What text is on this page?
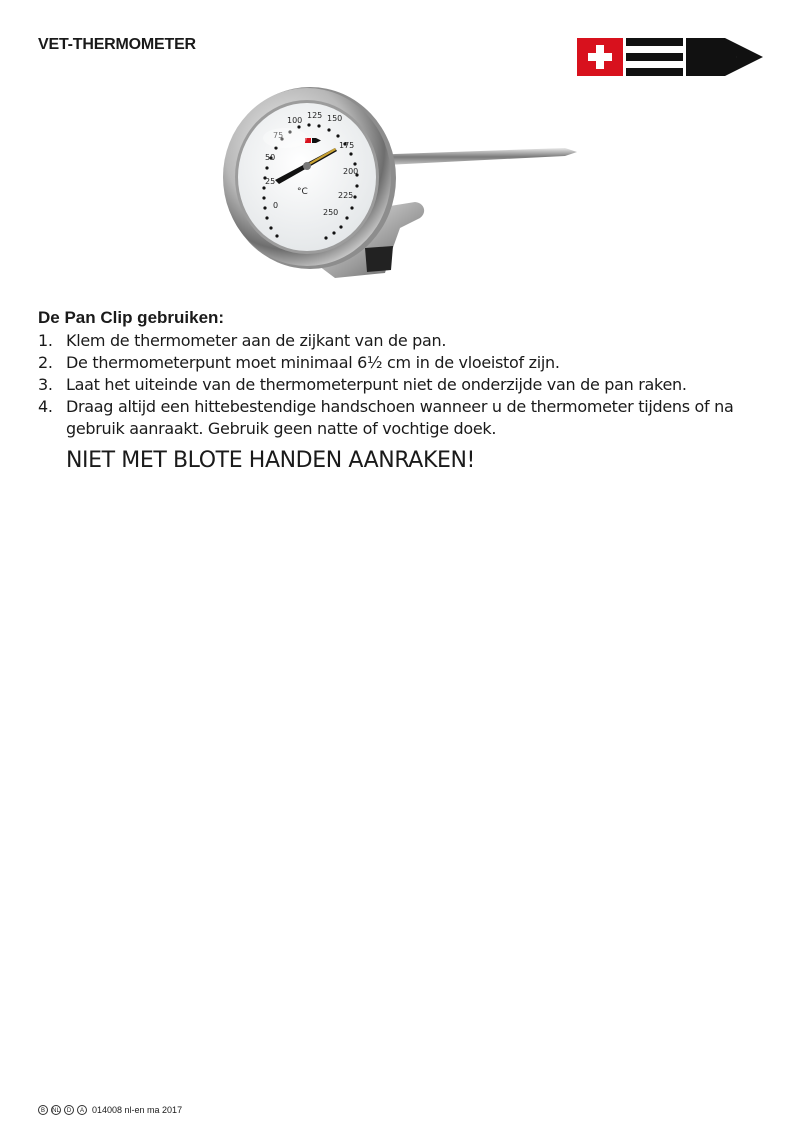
VET-THERMOMETER
0
25
50
75
100
125 150
175
200
225
250
°C
De Pan Clip gebruiken:
1. Klem de thermometer aan de zijkant van de pan.
2. De thermometerpunt moet minimaal 6½ cm in de vloeistof zijn.
3. Laat het uiteinde van de thermometerpunt niet de onderzijde van de pan raken.
4. Draag altijd een hittebestendige handschoen wanneer u de thermometer tijdens of na gebruik aanraakt. Gebruik geen natte of vochtige doek.
NIET MET BLOTE HANDEN AANRAKEN!
B	NL	D	A 014008 nl-en ma 2017
